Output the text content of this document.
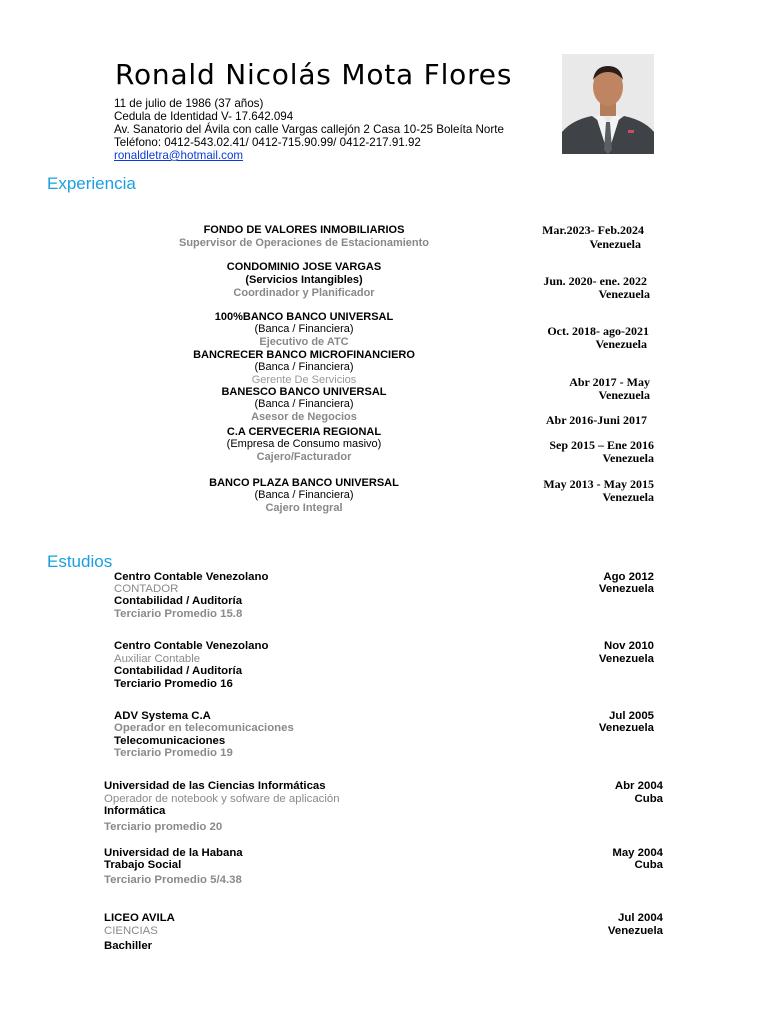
Ronald Nicolás Mota Flores
11 de julio de 1986 (37 años)
Cedula de Identidad V- 17.642.094
Av. Sanatorio del Ávila con calle Vargas callejón 2 Casa 10-25 Boleíta Norte
Teléfono: 0412-543.02.41/ 0412-715.90.99/ 0412-217.91.92
ronaldletra@hotmail.com
Experiencia
FONDO DE VALORES INMOBILIARIOS
Supervisor de Operaciones de Estacionamiento
Mar.2023- Feb.2024
Venezuela
CONDOMINIO JOSE VARGAS
(Servicios Intangibles)
Coordinador y Planificador
Jun. 2020- ene. 2022
Venezuela
100%BANCO BANCO UNIVERSAL
(Banca / Financiera)
Ejecutivo de ATC
Oct. 2018- ago-2021
Venezuela
BANCRECER BANCO MICROFINANCIERO
(Banca / Financiera)
Gerente De Servicios	Abr 2017 - May
Venezuela
BANESCO BANCO UNIVERSAL
(Banca / Financiera)
Asesor de Negocios	Abr 2016-Juni 2017
C.A CERVECERIA REGIONAL
(Empresa de Consumo masivo)
Cajero/Facturador
Sep 2015 – Ene 2016
Venezuela
BANCO PLAZA BANCO UNIVERSAL
(Banca / Financiera)
Cajero Integral
May 2013 - May 2015
Venezuela
Estudios
Centro Contable Venezolano
CONTADOR
Contabilidad / Auditoría
Terciario Promedio 15.8
Ago 2012
Venezuela
Centro Contable Venezolano
Auxiliar Contable
Contabilidad / Auditoría
Terciario Promedio 16
Nov 2010
Venezuela
ADV Systema C.A
Operador en telecomunicaciones
Telecomunicaciones
Terciario Promedio 19
Jul 2005
Venezuela
Universidad de las Ciencias Informáticas
Operador de notebook y sofware de aplicación
Informática
Terciario promedio 20
Abr 2004
Cuba
Universidad de la Habana
Trabajo Social
Terciario Promedio 5/4.38
May 2004
Cuba
LICEO AVILA
CIENCIAS
Bachiller
Jul 2004
Venezuela
